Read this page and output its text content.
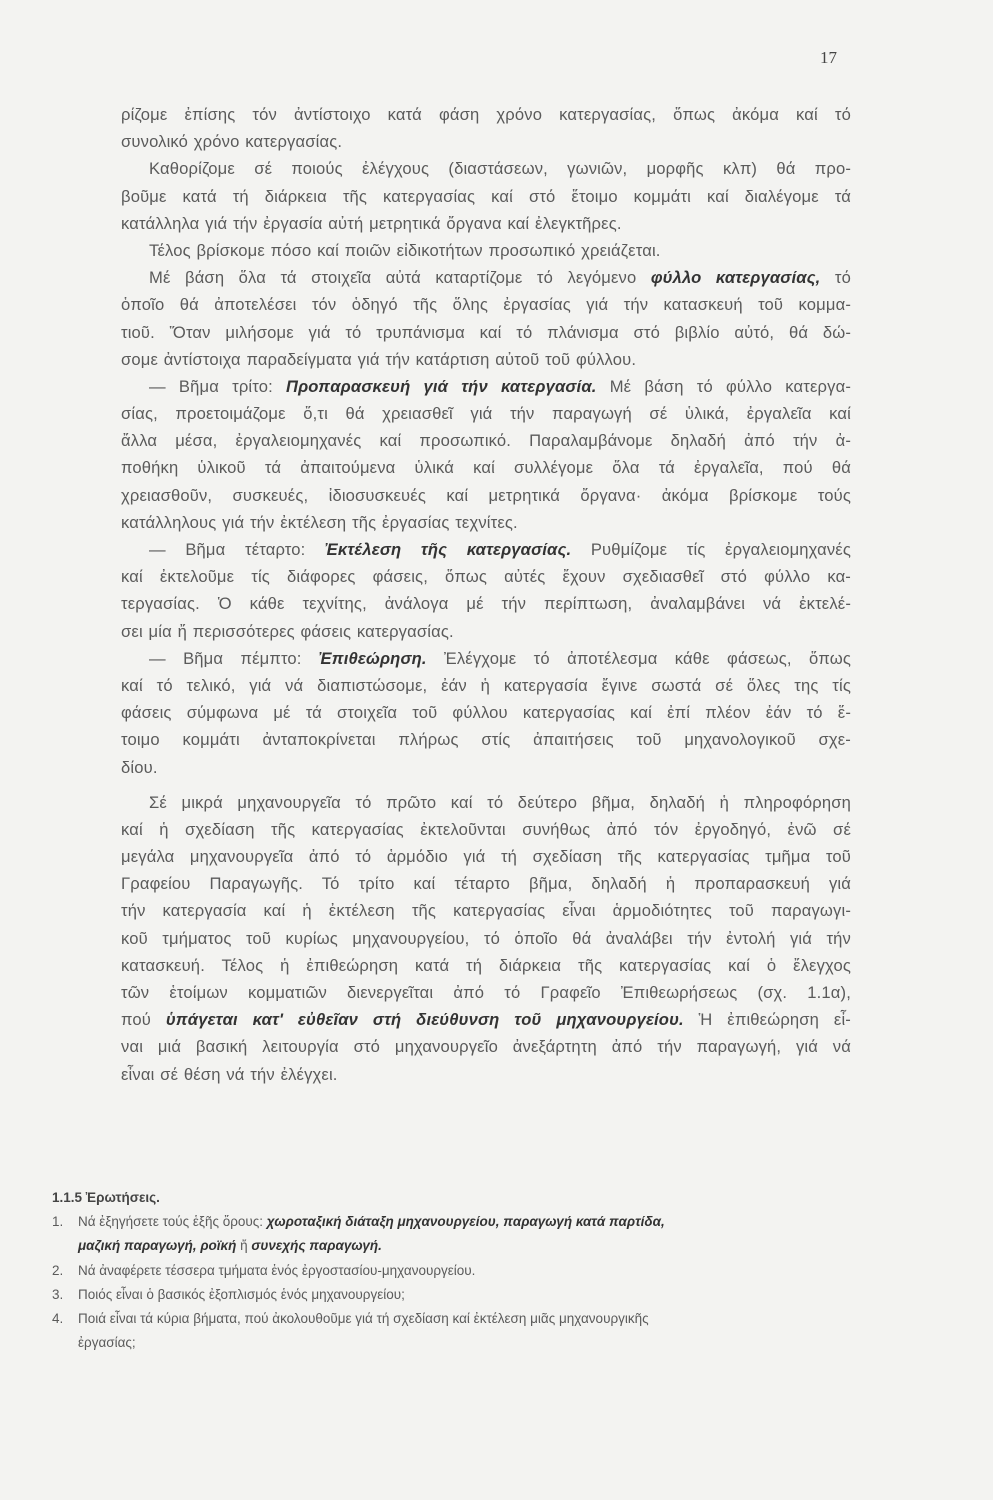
17
ρίζομε ἐπίσης τόν ἀντίστοιχο κατά φάση χρόνο κατεργασίας, ὅπως ἀκόμα καί τό
συνολικό χρόνο κατεργασίας.
Καθορίζομε σέ ποιούς ἐλέγχους (διαστάσεων, γωνιῶν, μορφῆς κλπ) θά προ-
βοῦμε κατά τή διάρκεια τῆς κατεργασίας καί στό ἕτοιμο κομμάτι καί διαλέγομε τά
κατάλληλα γιά τήν ἐργασία αὐτή μετρητικά ὄργανα καί ἐλεγκτῆρες.
Τέλος βρίσκομε πόσο καί ποιῶν εἰδικοτήτων προσωπικό χρειάζεται.
Μέ βάση ὅλα τά στοιχεῖα αὐτά καταρτίζομε τό λεγόμενο φύλλο κατεργασίας, τό
ὁποῖο θά ἀποτελέσει τόν ὁδηγό τῆς ὅλης ἐργασίας γιά τήν κατασκευή τοῦ κομμα-
τιοῦ. Ὅταν μιλήσομε γιά τό τρυπάνισμα καί τό πλάνισμα στό βιβλίο αὐτό, θά δώ-
σομε ἀντίστοιχα παραδείγματα γιά τήν κατάρτιση αὐτοῦ τοῦ φύλλου.
— Βῆμα τρίτο: Προπαρασκευή γιά τήν κατεργασία. Μέ βάση τό φύλλο κατεργα-
σίας, προετοιμάζομε ὅ,τι θά χρειασθεῖ γιά τήν παραγωγή σέ ὑλικά, ἐργαλεῖα καί
ἄλλα μέσα, ἐργαλειομηχανές καί προσωπικό. Παραλαμβάνομε δηλαδή ἀπό τήν ἀ-
ποθήκη ὑλικοῦ τά ἀπαιτούμενα ὑλικά καί συλλέγομε ὅλα τά ἐργαλεῖα, πού θά
χρειασθοῦν, συσκευές, ἰδιοσυσκευές καί μετρητικά ὄργανα· ἀκόμα βρίσκομε τούς
κατάλληλους γιά τήν ἐκτέλεση τῆς ἐργασίας τεχνίτες.
— Βῆμα τέταρτο: Ἐκτέλεση τῆς κατεργασίας. Ρυθμίζομε τίς ἐργαλειομηχανές
καί ἐκτελοῦμε τίς διάφορες φάσεις, ὅπως αὐτές ἔχουν σχεδιασθεῖ στό φύλλο κα-
τεργασίας. Ὁ κάθε τεχνίτης, ἀνάλογα μέ τήν περίπτωση, ἀναλαμβάνει νά ἐκτελέ-
σει μία ἤ περισσότερες φάσεις κατεργασίας.
— Βῆμα πέμπτο: Ἐπιθεώρηση. Ἐλέγχομε τό ἀποτέλεσμα κάθε φάσεως, ὅπως
καί τό τελικό, γιά νά διαπιστώσομε, ἐάν ἡ κατεργασία ἔγινε σωστά σέ ὅλες της τίς
φάσεις σύμφωνα μέ τά στοιχεῖα τοῦ φύλλου κατεργασίας καί ἐπί πλέον ἐάν τό ἕ-
τοιμο κομμάτι ἀνταποκρίνεται πλήρως στίς ἀπαιτήσεις τοῦ μηχανολογικοῦ σχε-
δίου.
Σέ μικρά μηχανουργεῖα τό πρῶτο καί τό δεύτερο βῆμα, δηλαδή ἡ πληροφόρηση
καί ἡ σχεδίαση τῆς κατεργασίας ἐκτελοῦνται συνήθως ἀπό τόν ἐργοδηγό, ἐνῶ σέ
μεγάλα μηχανουργεῖα ἀπό τό ἁρμόδιο γιά τή σχεδίαση τῆς κατεργασίας τμῆμα τοῦ
Γραφείου Παραγωγῆς. Τό τρίτο καί τέταρτο βῆμα, δηλαδή ἡ προπαρασκευή γιά
τήν κατεργασία καί ἡ ἐκτέλεση τῆς κατεργασίας εἶναι ἁρμοδιότητες τοῦ παραγωγι-
κοῦ τμήματος τοῦ κυρίως μηχανουργείου, τό ὁποῖο θά ἀναλάβει τήν ἐντολή γιά τήν
κατασκευή. Τέλος ἡ ἐπιθεώρηση κατά τή διάρκεια τῆς κατεργασίας καί ὁ ἔλεγχος
τῶν ἑτοίμων κομματιῶν διενεργεῖται ἀπό τό Γραφεῖο Ἐπιθεωρήσεως (σχ. 1.1α),
πού ὑπάγεται κατ' εὐθεῖαν στή διεύθυνση τοῦ μηχανουργείου. Ἡ ἐπιθεώρηση εἶ-
ναι μιά βασική λειτουργία στό μηχανουργεῖο ἀνεξάρτητη ἀπό τήν παραγωγή, γιά νά
εἶναι σέ θέση νά τήν ἐλέγχει.
1.1.5 Ἐρωτήσεις.
1. Νά ἐξηγήσετε τούς ἑξῆς ὅρους: χωροταξική διάταξη μηχανουργείου, παραγωγή κατά παρτίδα,
μαζική παραγωγή, ροϊκή ἤ συνεχής παραγωγή.
2. Νά ἀναφέρετε τέσσερα τμήματα ἑνός ἐργοστασίου-μηχανουργείου.
3. Ποιός εἶναι ὁ βασικός ἐξοπλισμός ἑνός μηχανουργείου;
4. Ποιά εἶναι τά κύρια βήματα, πού ἀκολουθοῦμε γιά τή σχεδίαση καί ἐκτέλεση μιᾶς μηχανουργικῆς
ἐργασίας;
